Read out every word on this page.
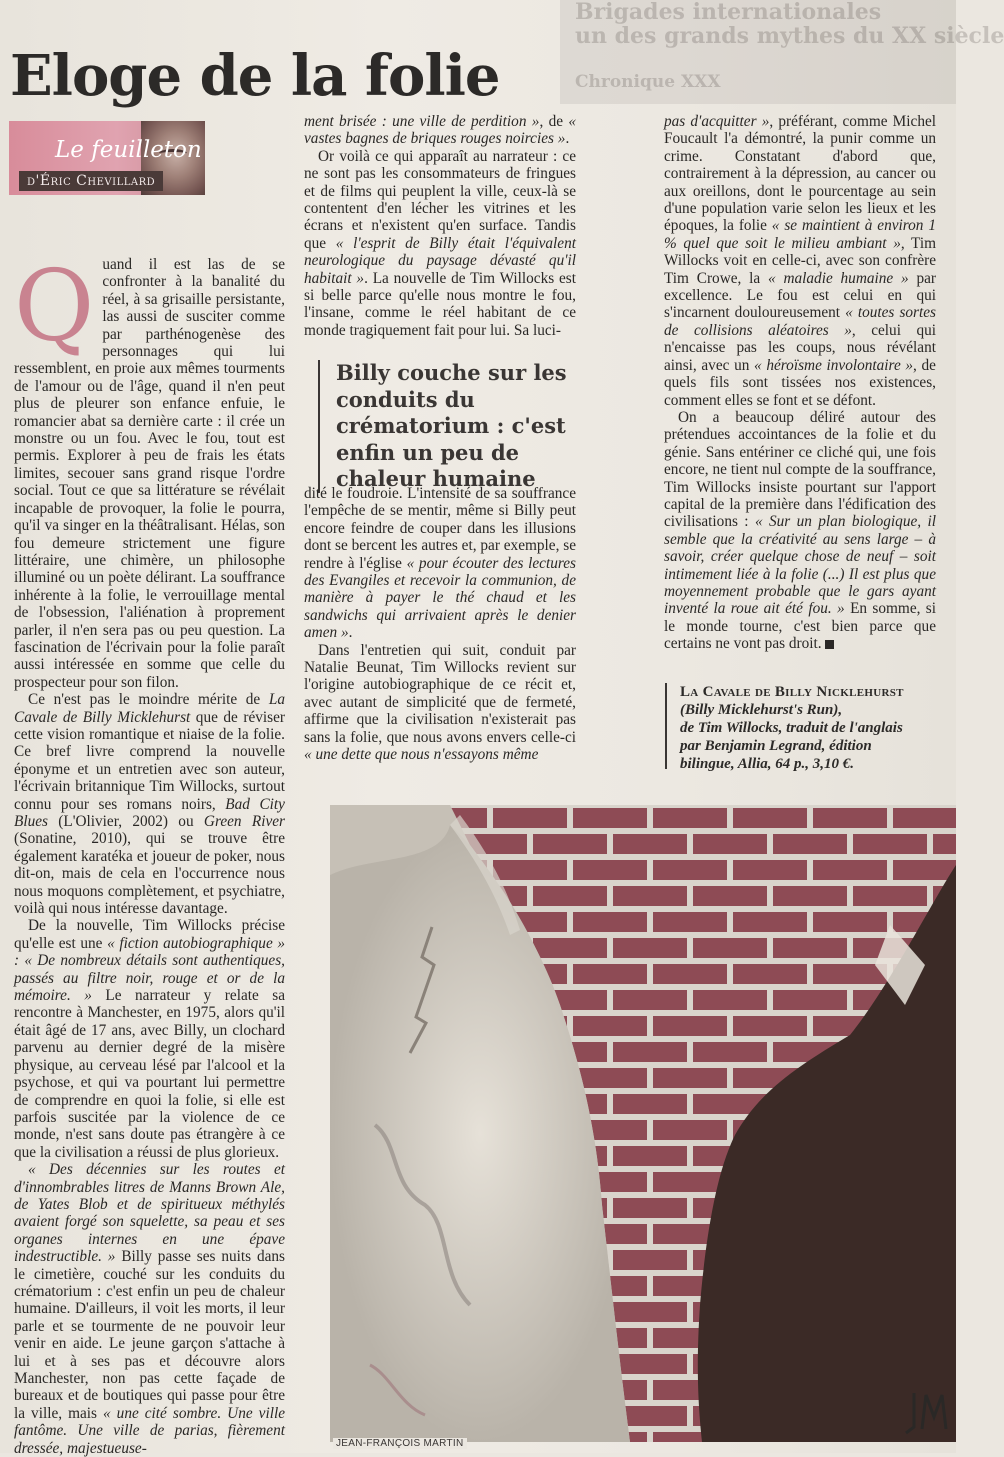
Brigades internationales
un des grands mythes du XX siècle
Chronique XXX
Eloge de la folie
Le feuilleton
d'Éric Chevillard

Quand il est las de se confronter à la banalité du réel, à sa grisaille persistante, las aussi de susciter comme par parthénogenèse des personnages qui lui ressemblent, en proie aux mêmes tourments de l'amour ou de l'âge, quand il n'en peut plus de pleurer son enfance enfuie, le romancier abat sa dernière carte : il crée un monstre ou un fou. Avec le fou, tout est permis. Explorer à peu de frais les états limites, secouer sans grand risque l'ordre social. Tout ce que sa littérature se révélait incapable de provoquer, la folie le pourra, qu'il va singer en la théâtralisant. Hélas, son fou demeure strictement une figure littéraire, une chimère, un philosophe illuminé ou un poète délirant. La souffrance inhérente à la folie, le verrouillage mental de l'obsession, l'aliénation à proprement parler, il n'en sera pas ou peu question. La fascination de l'écrivain pour la folie paraît aussi intéressée en somme que celle du prospecteur pour son filon.

Ce n'est pas le moindre mérite de La Cavale de Billy Micklehurst que de réviser cette vision romantique et niaise de la folie. Ce bref livre comprend la nouvelle éponyme et un entretien avec son auteur, l'écrivain britannique Tim Willocks, surtout connu pour ses romans noirs, Bad City Blues (L'Olivier, 2002) ou Green River (Sonatine, 2010), qui se trouve être également karatéka et joueur de poker, nous dit-on, mais de cela en l'occurrence nous nous moquons complètement, et psychiatre, voilà qui nous intéresse davantage.

De la nouvelle, Tim Willocks précise qu'elle est une « fiction autobiographique » : « De nombreux détails sont authentiques, passés au filtre noir, rouge et or de la mémoire. » Le narrateur y relate sa rencontre à Manchester, en 1975, alors qu'il était âgé de 17 ans, avec Billy, un clochard parvenu au dernier degré de la misère physique, au cerveau lésé par l'alcool et la psychose, et qui va pourtant lui permettre de comprendre en quoi la folie, si elle est parfois suscitée par la violence de ce monde, n'est sans doute pas étrangère à ce que la civilisation a réussi de plus glorieux.

« Des décennies sur les routes et d'innombrables litres de Manns Brown Ale, de Yates Blob et de spiritueux méthylés avaient forgé son squelette, sa peau et ses organes internes en une épave indestructible. » Billy passe ses nuits dans le cimetière, couché sur les conduits du crématorium : c'est enfin un peu de chaleur humaine. D'ailleurs, il voit les morts, il leur parle et se tourmente de ne pouvoir leur venir en aide. Le jeune garçon s'attache à lui et à ses pas et découvre alors Manchester, non pas cette façade de bureaux et de boutiques qui passe pour être la ville, mais « une cité sombre. Une ville fantôme. Une ville de parias, fièrement dressée, majestueuse-

ment brisée : une ville de perdition », de « vastes bagnes de briques rouges noircies ».

Or voilà ce qui apparaît au narrateur : ce ne sont pas les consommateurs de fringues et de films qui peuplent la ville, ceux-là se contentent d'en lécher les vitrines et les écrans et n'existent qu'en surface. Tandis que « l'esprit de Billy était l'équivalent neurologique du paysage dévasté qu'il habitait ». La nouvelle de Tim Willocks est si belle parce qu'elle nous montre le fou, l'insane, comme le réel habitant de ce monde tragiquement fait pour lui. Sa luci-

Billy couche sur les conduits du crématorium : c'est enfin un peu de chaleur humaine

dité le foudroie. L'intensité de sa souffrance l'empêche de se mentir, même si Billy peut encore feindre de couper dans les illusions dont se bercent les autres et, par exemple, se rendre à l'église « pour écouter des lectures des Evangiles et recevoir la communion, de manière à payer le thé chaud et les sandwichs qui arrivaient après le denier amen ».

Dans l'entretien qui suit, conduit par Natalie Beunat, Tim Willocks revient sur l'origine autobiographique de ce récit et, avec autant de simplicité que de fermeté, affirme que la civilisation n'existerait pas sans la folie, que nous avons envers celle-ci « une dette que nous n'essayons même

pas d'acquitter », préférant, comme Michel Foucault l'a démontré, la punir comme un crime. Constatant d'abord que, contrairement à la dépression, au cancer ou aux oreillons, dont le pourcentage au sein d'une population varie selon les lieux et les époques, la folie « se maintient à environ 1 % quel que soit le milieu ambiant », Tim Willocks voit en celle-ci, avec son confrère Tim Crowe, la « maladie humaine » par excellence. Le fou est celui en qui s'incarnent douloureusement « toutes sortes de collisions aléatoires », celui qui n'encaisse pas les coups, nous révélant ainsi, avec un « héroïsme involontaire », de quels fils sont tissées nos existences, comment elles se font et se défont.

On a beaucoup déliré autour des prétendues accointances de la folie et du génie. Sans entériner ce cliché qui, une fois encore, ne tient nul compte de la souffrance, Tim Willocks insiste pourtant sur l'apport capital de la première dans l'édification des civilisations : « Sur un plan biologique, il semble que la créativité au sens large – à savoir, créer quelque chose de neuf – soit intimement liée à la folie (...) Il est plus que moyennement probable que le gars ayant inventé la roue ait été fou. » En somme, si le monde tourne, c'est bien parce que certains ne vont pas droit.

La Cavale de Billy Nicklehurst
(Billy Micklehurst's Run),
de Tim Willocks, traduit de l'anglais
par Benjamin Legrand, édition
bilingue, Allia, 64 p., 3,10 €.
JEAN-FRANÇOIS MARTIN
